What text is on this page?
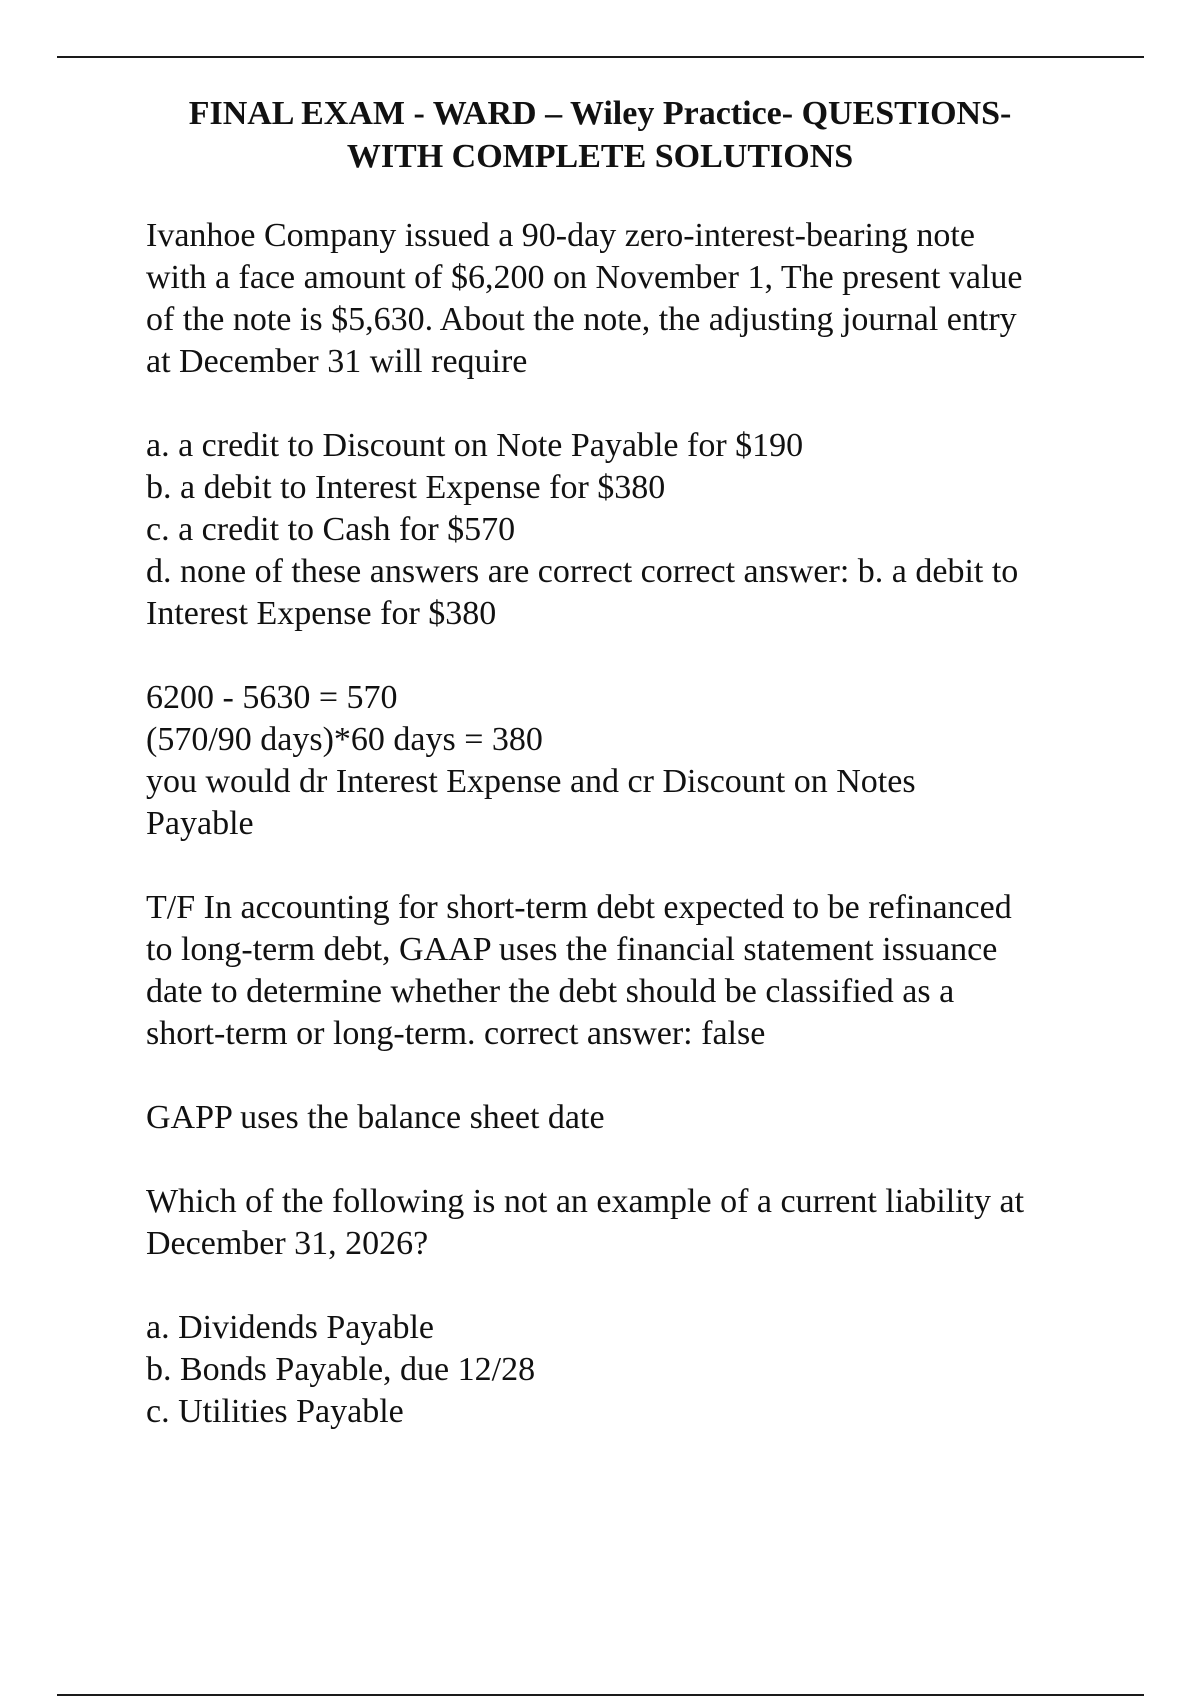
FINAL EXAM - WARD – Wiley Practice- QUESTIONS-
WITH COMPLETE SOLUTIONS
Ivanhoe Company issued a 90-day zero-interest-bearing note
with a face amount of $6,200 on November 1, The present value
of the note is $5,630. About the note, the adjusting journal entry
at December 31 will require
a. a credit to Discount on Note Payable for $190
b. a debit to Interest Expense for $380
c. a credit to Cash for $570
d. none of these answers are correct correct answer: b. a debit to
Interest Expense for $380
6200 - 5630 = 570
(570/90 days)*60 days = 380
you would dr Interest Expense and cr Discount on Notes
Payable
T/F In accounting for short-term debt expected to be refinanced
to long-term debt, GAAP uses the financial statement issuance
date to determine whether the debt should be classified as a
short-term or long-term. correct answer: false
GAPP uses the balance sheet date
Which of the following is not an example of a current liability at
December 31, 2026?
a. Dividends Payable
b. Bonds Payable, due 12/28
c. Utilities Payable
